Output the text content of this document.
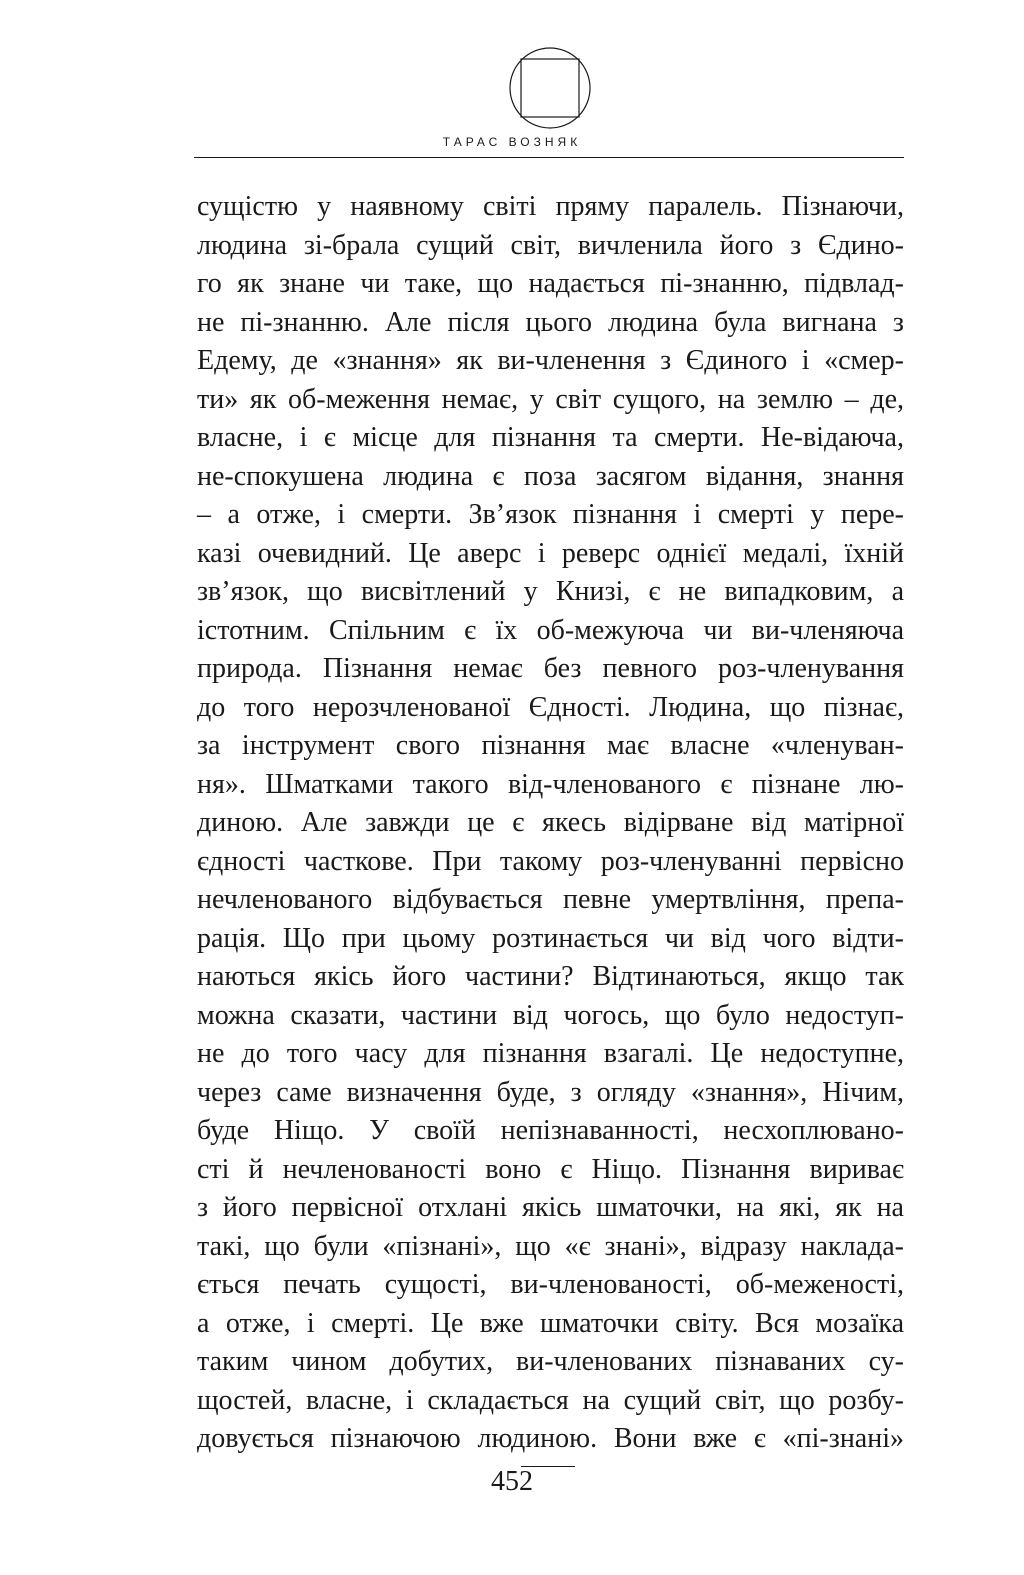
ТАРАС ВОЗНЯК
сущістю у наявному світі пряму паралель. Пізнаючи,
людина зі-брала сущий світ, вичленила його з Єдино-
го як знане чи таке, що надається пі-знанню, підвлад-
не пі-знанню. Але після цього людина була вигнана з
Едему, де «знання» як ви-членення з Єдиного і «смер-
ти» як об-меження немає, у світ сущого, на землю – де,
власне, і є місце для пізнання та смерти. Не-відаюча,
не-спокушена людина є поза засягом відання, знання
– а отже, і смерти. Зв’язок пізнання і смерті у пере-
казі очевидний. Це аверс і реверс однієї медалі, їхній
зв’язок, що висвітлений у Книзі, є не випадковим, а
істотним. Спільним є їх об-межуюча чи ви-членяюча
природа. Пізнання немає без певного роз-членування
до того нерозчленованої Єдності. Людина, що пізнає,
за інструмент свого пізнання має власне «членуван-
ня». Шматками такого від-членованого є пізнане лю-
диною. Але завжди це є якесь відірване від матірної
єдності часткове. При такому роз-членуванні первісно
нечленованого відбувається певне умертвління, препа-
рація. Що при цьому розтинається чи від чого відти-
наються якісь його частини? Відтинаються, якщо так
можна сказати, частини від чогось, що було недоступ-
не до того часу для пізнання взагалі. Це недоступне,
через саме визначення буде, з огляду «знання», Нічим,
буде Ніщо. У своїй непізнаванності, несхоплювано-
сті й нечленованості воно є Ніщо. Пізнання вириває
з його первісної отхлані якісь шматочки, на які, як на
такі, що були «пізнані», що «є знані», відразу наклада-
ється печать сущості, ви-членованості, об-меженості,
а отже, і смерті. Це вже шматочки світу. Вся мозаїка
таким чином добутих, ви-членованих пізнаваних су-
щостей, власне, і складається на сущий світ, що розбу-
довується пізнаючою людиною. Вони вже є «пі-знані»
452
